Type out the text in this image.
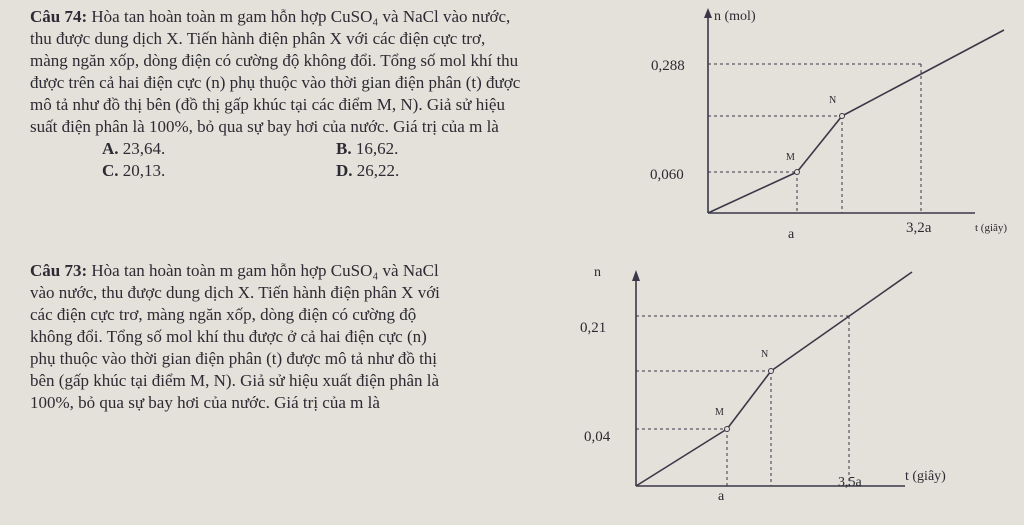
Câu 74: Hòa tan hoàn toàn m gam hỗn hợp CuSO₄ và NaCl vào nước,

thu được dung dịch X. Tiến hành điện phân X với các điện cực trơ,

màng ngăn xốp, dòng điện có cường độ không đổi. Tổng số mol khí thu

được trên cả hai điện cực (n) phụ thuộc vào thời gian điện phân (t) được

mô tả như đồ thị bên (đồ thị gấp khúc tại các điểm M, N). Giả sử hiệu

suất điện phân là 100%, bỏ qua sự bay hơi của nước. Giá trị của m là

A. 23,64.	B. 16,62.
C. 20,13.	D. 26,22.

Câu 73: Hòa tan hoàn toàn m gam hỗn hợp CuSO₄ và NaCl

vào nước, thu được dung dịch X. Tiến hành điện phân X với

các điện cực trơ, màng ngăn xốp, dòng điện có cường độ

không đổi. Tổng số mol khí thu được ở cả hai điện cực (n)

phụ thuộc vào thời gian điện phân (t) được mô tả như đồ thị

bên (gấp khúc tại điểm M, N). Giả sử hiệu xuất điện phân là

100%, bỏ qua sự bay hơi của nước. Giá trị của m là

n (mol)
t (giây)
0,288
0,060
a	3,2a
M
N
n
t (giây)
0,21
0,04
a
3,5a
M
N
